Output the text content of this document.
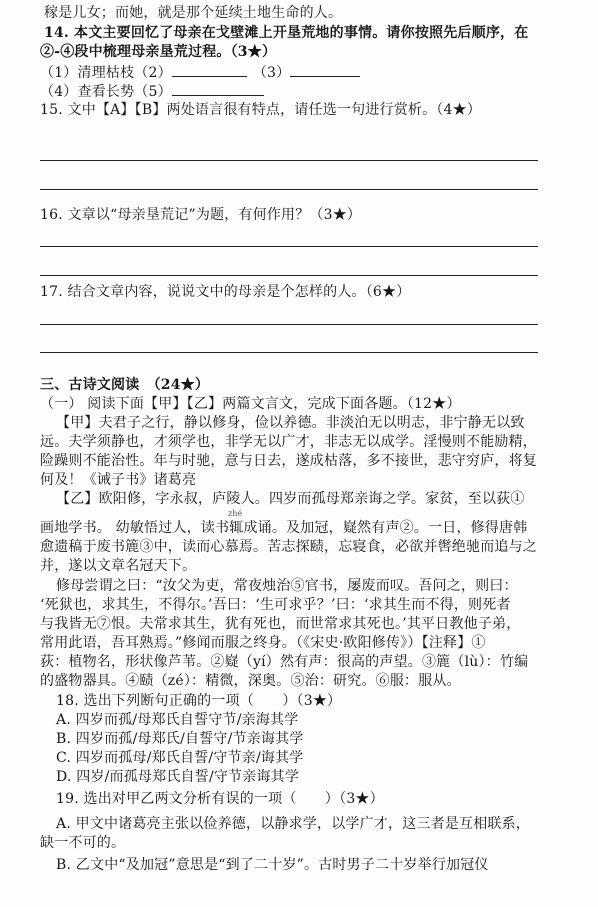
稼是儿女；而她，就是那个延续土地生命的人。
14. 本文主要回忆了母亲在戈壁滩上开垦荒地的事情。请你按照先后顺序，在
②-④段中梳理母亲垦荒过程。（3★）
（1）清理枯枝（2）	（3）
（4）查看长势（5）
15. 文中【A】【B】两处语言很有特点，请任选一句进行赏析。（4★）
16. 文章以“母亲垦荒记”为题，有何作用？（3★）
17. 结合文章内容，说说文中的母亲是个怎样的人。（6★）
三、古诗文阅读　（24★）
（一） 阅读下面【甲】【乙】两篇文言文，完成下面各题。（12★）
【甲】夫君子之行，静以修身，俭以养德。非淡泊无以明志，非宁静无以致
远。夫学须静也，才须学也，非学无以广才，非志无以成学。淫慢则不能励精，
险躁则不能治性。年与时驰，意与日去，遂成枯落，多不接世，悲守穷庐，将复
何及！《诫子书》诸葛亮
【乙】欧阳修，字永叔，庐陵人。四岁而孤母郑亲诲之学。家贫，至以荻①
zhé
画地学书。 幼敏悟过人，读书辄成诵。及加冠，嶷然有声②。一日，修得唐韩
愈遗稿于废书簏③中，读而心慕焉。苦志探赜，忘寝食，必欲并辔绝驰而追与之
并，遂以文章名冠天下。
修母尝谓之曰：“汝父为吏，常夜烛治⑤官书，屡废而叹。吾问之，则曰：
‘死狱也，求其生，不得尔。’吾曰：‘生可求乎？’曰：‘求其生而不得，则死者
与我皆无⑦恨。夫常求其生，犹有死也，而世常求其死也。’其平日教他子弟，
常用此语，吾耳熟焉。”修闻而服之终身。（《宋史·欧阳修传》）【注释】①
荻：植物名，形状像芦苇。②嶷（yí）然有声：很高的声望。③簏（lù）：竹编
的盛物器具。④赜（zé）：精微，深奥。⑤治：研究。⑥服：服从。
18. 选出下列断句正确的一项（　　）（3★）
A. 四岁而孤/母郑氏自誓守节/亲海其学
B. 四岁而孤/母郑氏/自誓守/节亲诲其学
C. 四岁而孤母/郑氏自誓/守节亲/诲其学
D. 四岁/而孤母郑氏自誓/守节亲诲其学
19. 选出对甲乙两文分析有误的一项（　　）（3★）
A. 甲文中诸葛亮主张以俭养德，以静求学，以学广才，这三者是互相联系，
缺一不可的。
B. 乙文中“及加冠”意思是“到了二十岁”。古时男子二十岁举行加冠仪
